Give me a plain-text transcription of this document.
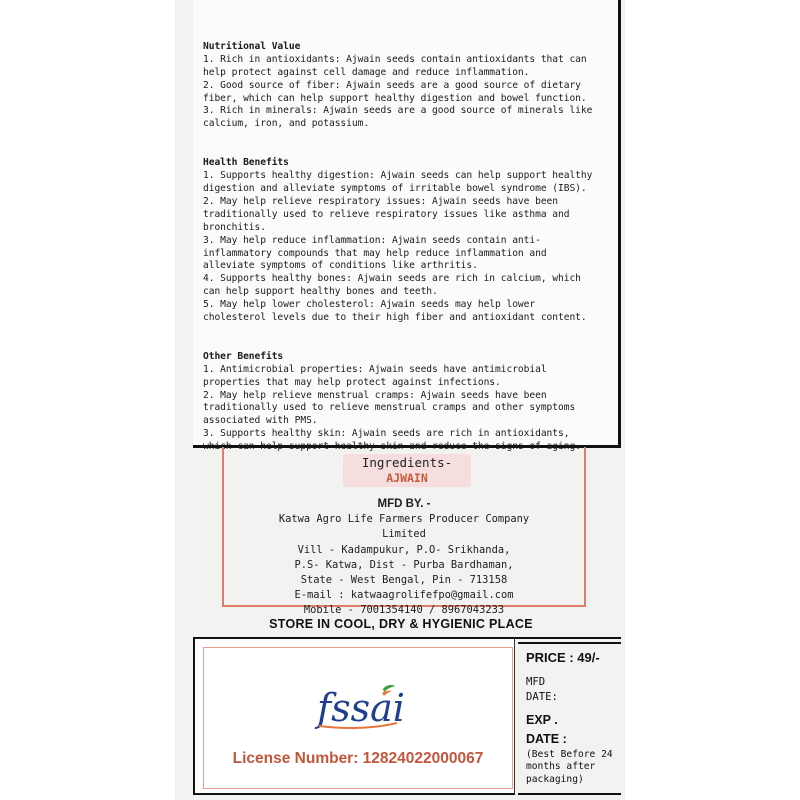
Nutritional Value
1. Rich in antioxidants: Ajwain seeds contain antioxidants that can
help protect against cell damage and reduce inflammation.
2. Good source of fiber: Ajwain seeds are a good source of dietary
fiber, which can help support healthy digestion and bowel function.
3. Rich in minerals: Ajwain seeds are a good source of minerals like
calcium, iron, and potassium.

Health Benefits
1. Supports healthy digestion: Ajwain seeds can help support healthy
digestion and alleviate symptoms of irritable bowel syndrome (IBS).
2. May help relieve respiratory issues: Ajwain seeds have been
traditionally used to relieve respiratory issues like asthma and
bronchitis.
3. May help reduce inflammation: Ajwain seeds contain anti-
inflammatory compounds that may help reduce inflammation and
alleviate symptoms of conditions like arthritis.
4. Supports healthy bones: Ajwain seeds are rich in calcium, which
can help support healthy bones and teeth.
5. May help lower cholesterol: Ajwain seeds may help lower
cholesterol levels due to their high fiber and antioxidant content.

Other Benefits
1. Antimicrobial properties: Ajwain seeds have antimicrobial
properties that may help protect against infections.
2. May help relieve menstrual cramps: Ajwain seeds have been
traditionally used to relieve menstrual cramps and other symptoms
associated with PMS.
3. Supports healthy skin: Ajwain seeds are rich in antioxidants,
which can help support healthy skin and reduce the signs of aging.

Ingredients-
AJWAIN
MFD BY. -
Katwa Agro Life Farmers Producer Company
Limited
Vill - Kadampukur, P.O- Srikhanda,
P.S- Katwa, Dist - Purba Bardhaman,
State - West Bengal, Pin - 713158
E-mail : katwaagrolifefpo@gmail.com
Mobile - 7001354140 / 8967043233
STORE IN COOL, DRY & HYGIENIC PLACE
fssai
License Number: 12824022000067
PRICE : 49/-
MFD
DATE:
EXP .
DATE :
(Best Before 24
months after
packaging)
